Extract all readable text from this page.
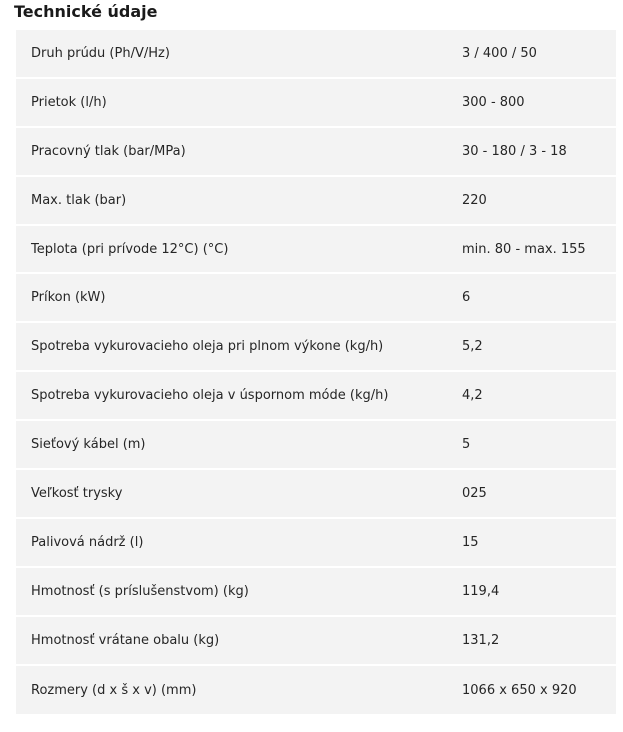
Technické údaje
Druh prúdu (Ph/V/Hz)	3 / 400 / 50
Prietok (l/h)	300 - 800
Pracovný tlak (bar/MPa)	30 - 180 / 3 - 18
Max. tlak (bar)	220
Teplota (pri prívode 12°C) (°C)	min. 80 - max. 155
Príkon (kW)	6
Spotreba vykurovacieho oleja pri plnom výkone (kg/h)	5,2
Spotreba vykurovacieho oleja v úspornom móde (kg/h)	4,2
Sieťový kábel (m)	5
Veľkosť trysky	025
Palivová nádrž (l)	15
Hmotnosť (s príslušenstvom) (kg)	119,4
Hmotnosť vrátane obalu (kg)	131,2
Rozmery (d x š x v) (mm)	1066 x 650 x 920
